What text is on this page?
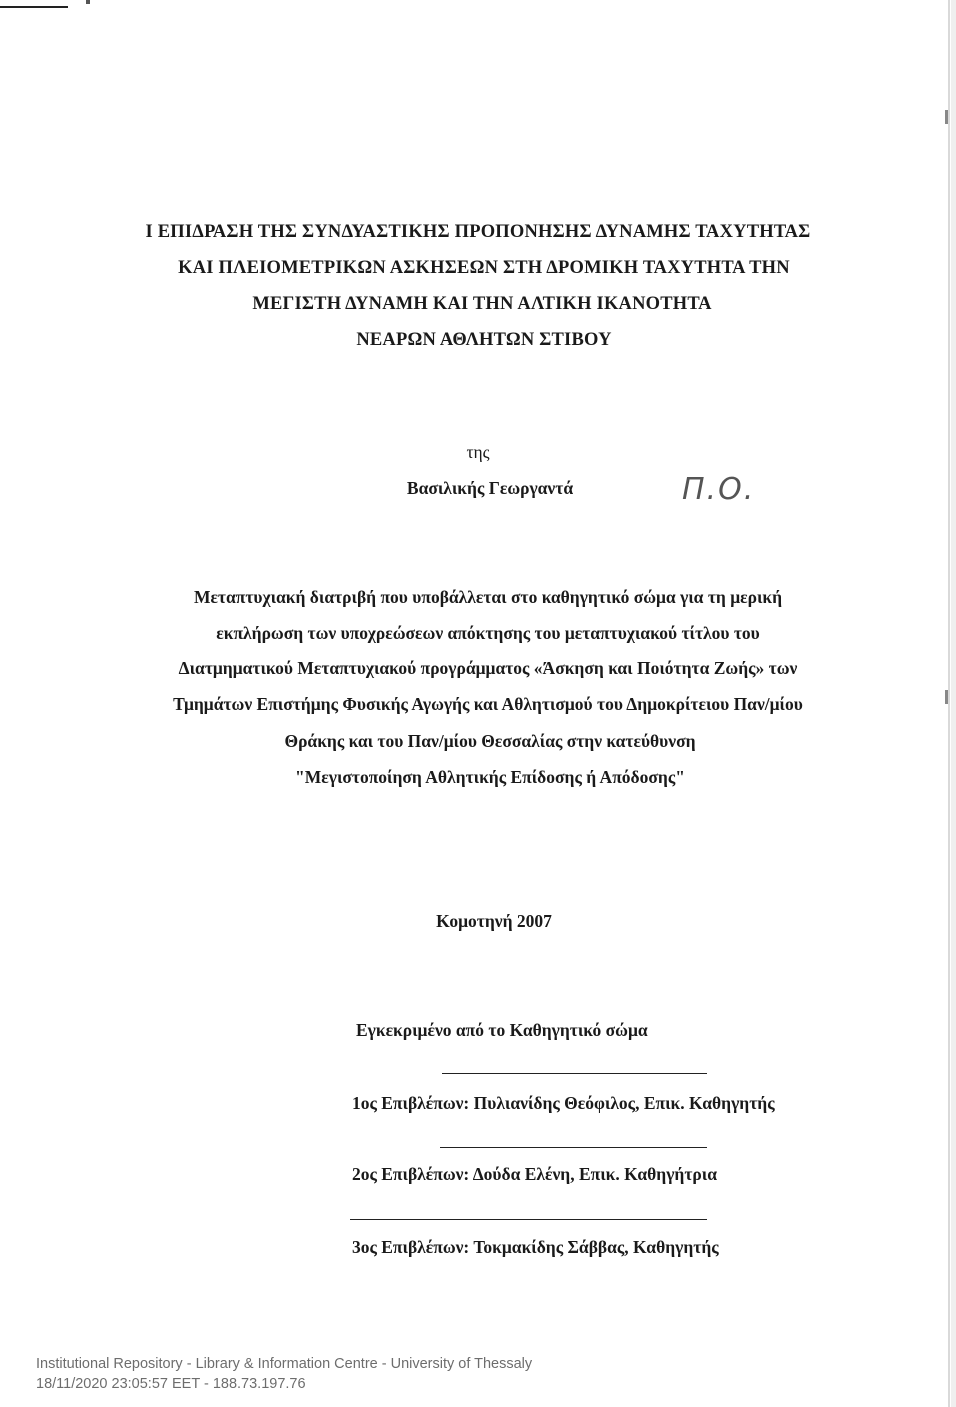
Ι ΕΠΙΔΡΑΣΗ ΤΗΣ ΣΥΝΔΥΑΣΤΙΚΗΣ ΠΡΟΠΟΝΗΣΗΣ ΔΥΝΑΜΗΣ ΤΑΧΥΤΗΤΑΣ
ΚΑΙ ΠΛΕΙΟΜΕΤΡΙΚΩΝ ΑΣΚΗΣΕΩΝ ΣΤΗ ΔΡΟΜΙΚΗ ΤΑΧΥΤΗΤΑ ΤΗΝ
ΜΕΓΙΣΤΗ ΔΥΝΑΜΗ ΚΑΙ ΤΗΝ ΑΛΤΙΚΗ ΙΚΑΝΟΤΗΤΑ
ΝΕΑΡΩΝ ΑΘΛΗΤΩΝ ΣΤΙΒΟΥ
της
Βασιλικής Γεωργαντά	Π.Ο.
Μεταπτυχιακή διατριβή που υποβάλλεται στο καθηγητικό σώμα για τη μερική
εκπλήρωση των υποχρεώσεων απόκτησης του μεταπτυχιακού τίτλου του
Διατμηματικού Μεταπτυχιακού προγράμματος «Άσκηση και Ποιότητα Ζωής» των
Τμημάτων Επιστήμης Φυσικής Αγωγής και Αθλητισμού του Δημοκρίτειου Παν/μίου
Θράκης και του Παν/μίου Θεσσαλίας στην κατεύθυνση
"Μεγιστοποίηση Αθλητικής Επίδοσης ή Απόδοσης"
Κομοτηνή 2007
Εγκεκριμένο από το Καθηγητικό σώμα
1ος Επιβλέπων: Πυλιανίδης Θεόφιλος, Επικ. Καθηγητής
2ος Επιβλέπων: Δούδα Ελένη, Επικ. Καθηγήτρια
3ος Επιβλέπων: Τοκμακίδης Σάββας, Καθηγητής
Institutional Repository - Library & Information Centre - University of Thessaly
18/11/2020 23:05:57 EET - 188.73.197.76
